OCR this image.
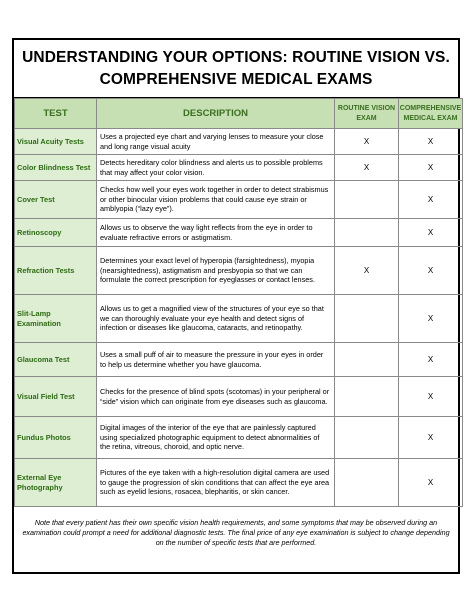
UNDERSTANDING YOUR OPTIONS: ROUTINE VISION VS.
COMPREHENSIVE MEDICAL EXAMS
TEST	DESCRIPTION	ROUTINE VISION EXAM	COMPREHENSIVE MEDICAL EXAM
Visual Acuity Tests	Uses a projected eye chart and varying lenses to measure your close and long range visual acuity	X	X
Color Blindness Test	Detects hereditary color blindness and alerts us to possible problems that may affect your color vision.	X	X
Cover Test	Checks how well your eyes work together in order to detect strabismus or other binocular vision problems that could cause eye strain or amblyopia (“lazy eye”).		X
Retinoscopy	Allows us to observe the way light reflects from the eye in order to evaluate refractive errors or astigmatism.		X
Refraction Tests	Determines your exact level of hyperopia (farsightedness), myopia (nearsightedness), astigmatism and presbyopia so that we can formulate the correct prescription for eyeglasses or contact lenses.	X	X
Slit-Lamp Examination	Allows us to get a magnified view of the structures of your eye so that we can thoroughly evaluate your eye health and detect signs of infection or diseases like glaucoma, cataracts, and retinopathy.		X
Glaucoma Test	Uses a small puff of air to measure the pressure in your eyes in order to help us determine whether you have glaucoma.		X
Visual Field Test	Checks for the presence of blind spots (scotomas) in your peripheral or “side” vision which can originate from eye diseases such as glaucoma.		X
Fundus Photos	Digital images of the interior of the eye that are painlessly captured using specialized photographic equipment to detect abnormalities of the retina, vitreous, choroid, and optic nerve.		X
External Eye Photography	Pictures of the eye taken with a high-resolution digital camera are used to gauge the progression of skin conditions that can affect the eye area such as eyelid lesions, rosacea, blepharitis, or skin cancer.		X
Note that every patient has their own specific vision health requirements, and some symptoms that may be observed during an examination could prompt a need for additional diagnostic tests. The final price of any eye examination is subject to change depending on the number of specific tests that are performed.
